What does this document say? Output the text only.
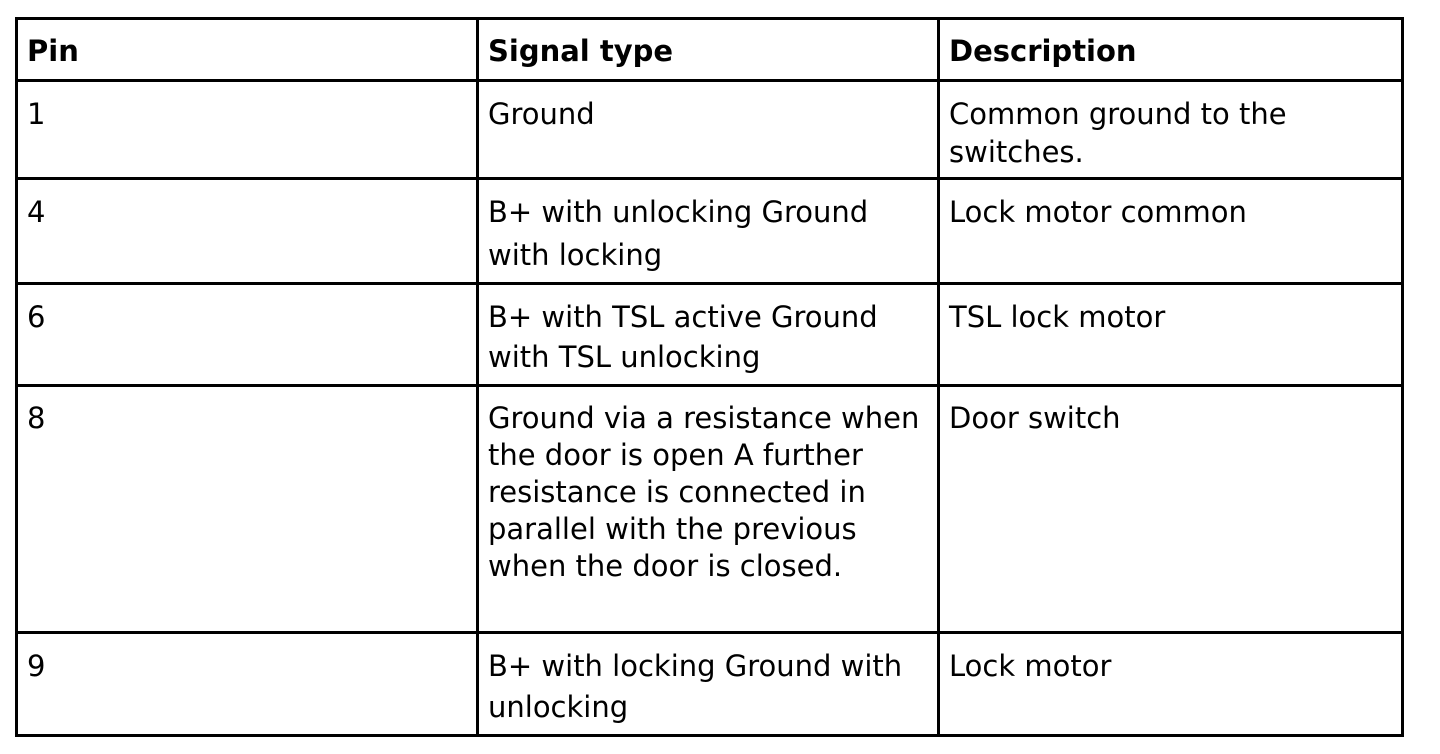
Pin	Signal type	Description
1	Ground	Common ground to the switches.
4	B+ with unlocking Ground with locking	Lock motor common
6	B+ with TSL active Ground with TSL unlocking	TSL lock motor
8	Ground via a resistance when the door is open A further resistance is connected in parallel with the previous when the door is closed.	Door switch
9	B+ with locking Ground with unlocking	Lock motor
